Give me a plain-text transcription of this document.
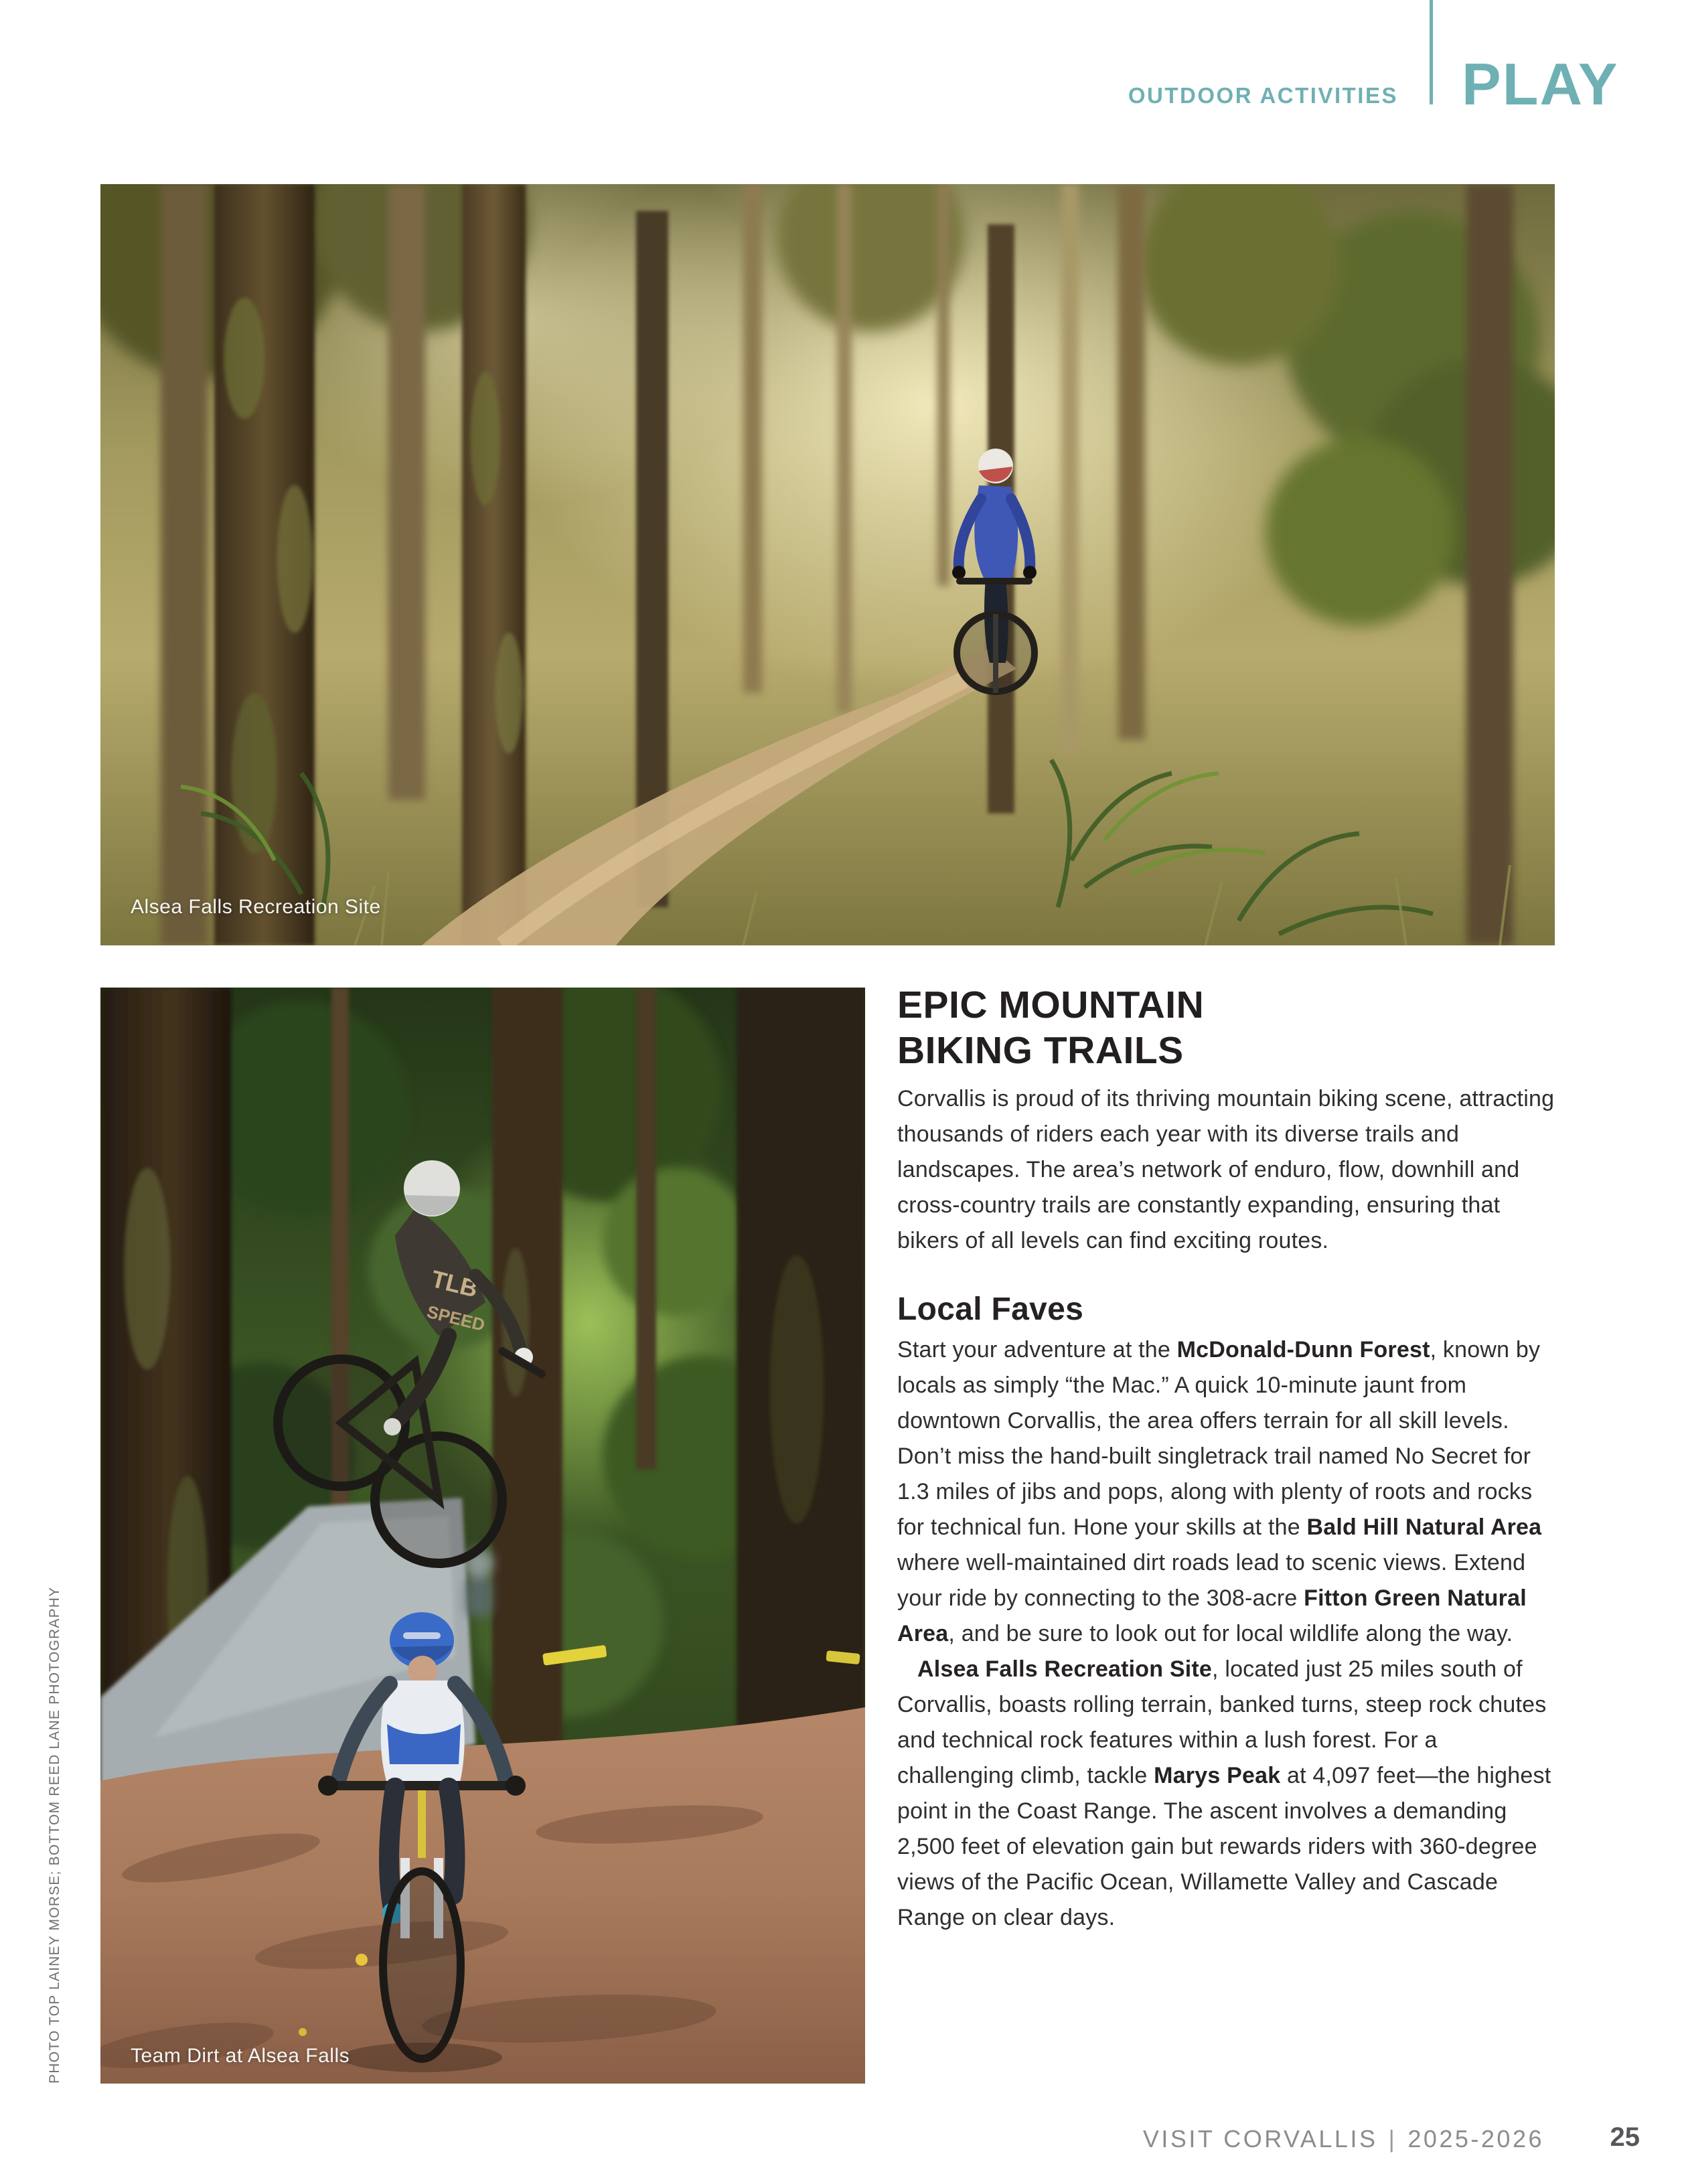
OUTDOOR ACTIVITIES PLAY
Alsea Falls Recreation Site
TLB
SPEED
Team Dirt at Alsea Falls
PHOTO TOP LAINEY MORSE; BOTTOM REED LANE PHOTOGRAPHY
EPIC MOUNTAIN
BIKING TRAILS

Corvallis is proud of its thriving mountain biking scene, attracting thousands of riders each year with its diverse trails and landscapes. The area’s network of enduro, flow, downhill and cross-country trails are constantly expanding, ensuring that bikers of all levels can find exciting routes.

Local Faves

Start your adventure at the McDonald-Dunn Forest, known by locals as simply “the Mac.” A quick 10-minute jaunt from downtown Corvallis, the area offers terrain for all skill levels. Don’t miss the hand-built singletrack trail named No Secret for 1.3 miles of jibs and pops, along with plenty of roots and rocks for technical fun. Hone your skills at the Bald Hill Natural Area where well-maintained dirt roads lead to scenic views. Extend your ride by connecting to the 308-acre Fitton Green Natural Area, and be sure to look out for local wildlife along the way.

Alsea Falls Recreation Site, located just 25 miles south of Corvallis, boasts rolling terrain, banked turns, steep rock chutes and technical rock features within a lush forest. For a challenging climb, tackle Marys Peak at 4,097 feet—the highest point in the Coast Range. The ascent involves a demanding 2,500 feet of elevation gain but rewards riders with 360-degree views of the Pacific Ocean, Willamette Valley and Cascade Range on clear days.

VISIT CORVALLIS | 2025-2026 25
